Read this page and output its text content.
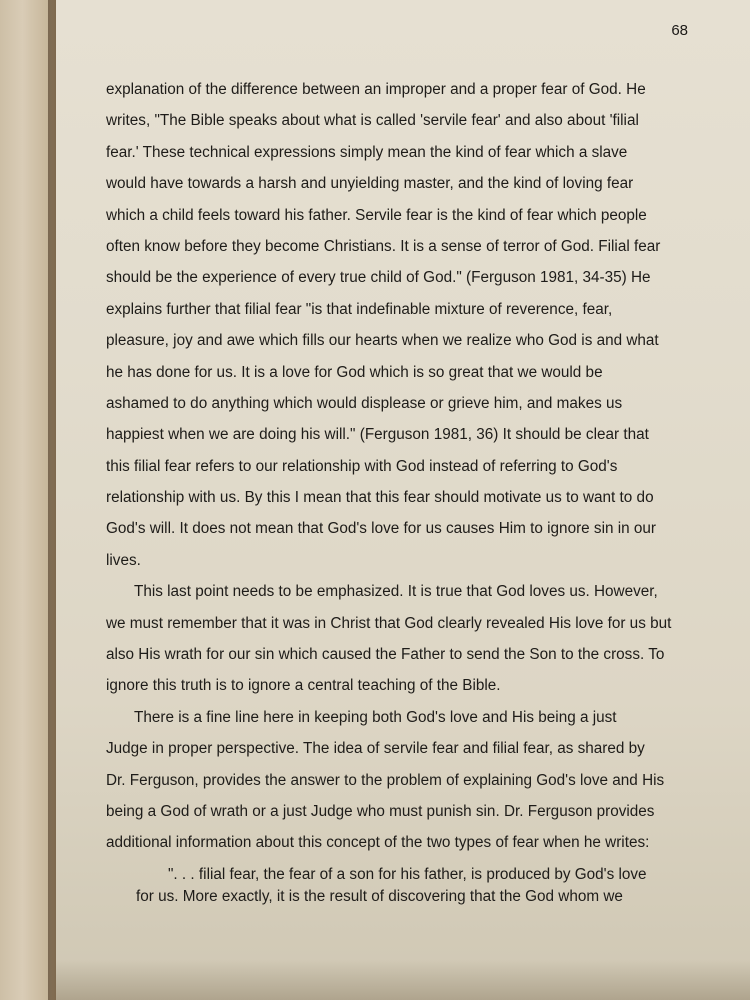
68
explanation of the difference between an improper and a proper fear of God. He
writes, "The Bible speaks about what is called 'servile fear' and also about 'filial
fear.' These technical expressions simply mean the kind of fear which a slave
would have towards a harsh and unyielding master, and the kind of loving fear
which a child feels toward his father. Servile fear is the kind of fear which people
often know before they become Christians. It is a sense of terror of God. Filial fear
should be the experience of every true child of God." (Ferguson 1981, 34-35) He
explains further that filial fear "is that indefinable mixture of reverence, fear,
pleasure, joy and awe which fills our hearts when we realize who God is and what
he has done for us. It is a love for God which is so great that we would be
ashamed to do anything which would displease or grieve him, and makes us
happiest when we are doing his will." (Ferguson 1981, 36) It should be clear that
this filial fear refers to our relationship with God instead of referring to God's
relationship with us. By this I mean that this fear should motivate us to want to do
God's will. It does not mean that God's love for us causes Him to ignore sin in our
lives.
This last point needs to be emphasized. It is true that God loves us. However,
we must remember that it was in Christ that God clearly revealed His love for us but
also His wrath for our sin which caused the Father to send the Son to the cross. To
ignore this truth is to ignore a central teaching of the Bible.
There is a fine line here in keeping both God's love and His being a just
Judge in proper perspective. The idea of servile fear and filial fear, as shared by
Dr. Ferguson, provides the answer to the problem of explaining God's love and His
being a God of wrath or a just Judge who must punish sin. Dr. Ferguson provides
additional information about this concept of the two types of fear when he writes:
". . . filial fear, the fear of a son for his father, is produced by God's love
for us. More exactly, it is the result of discovering that the God whom we
